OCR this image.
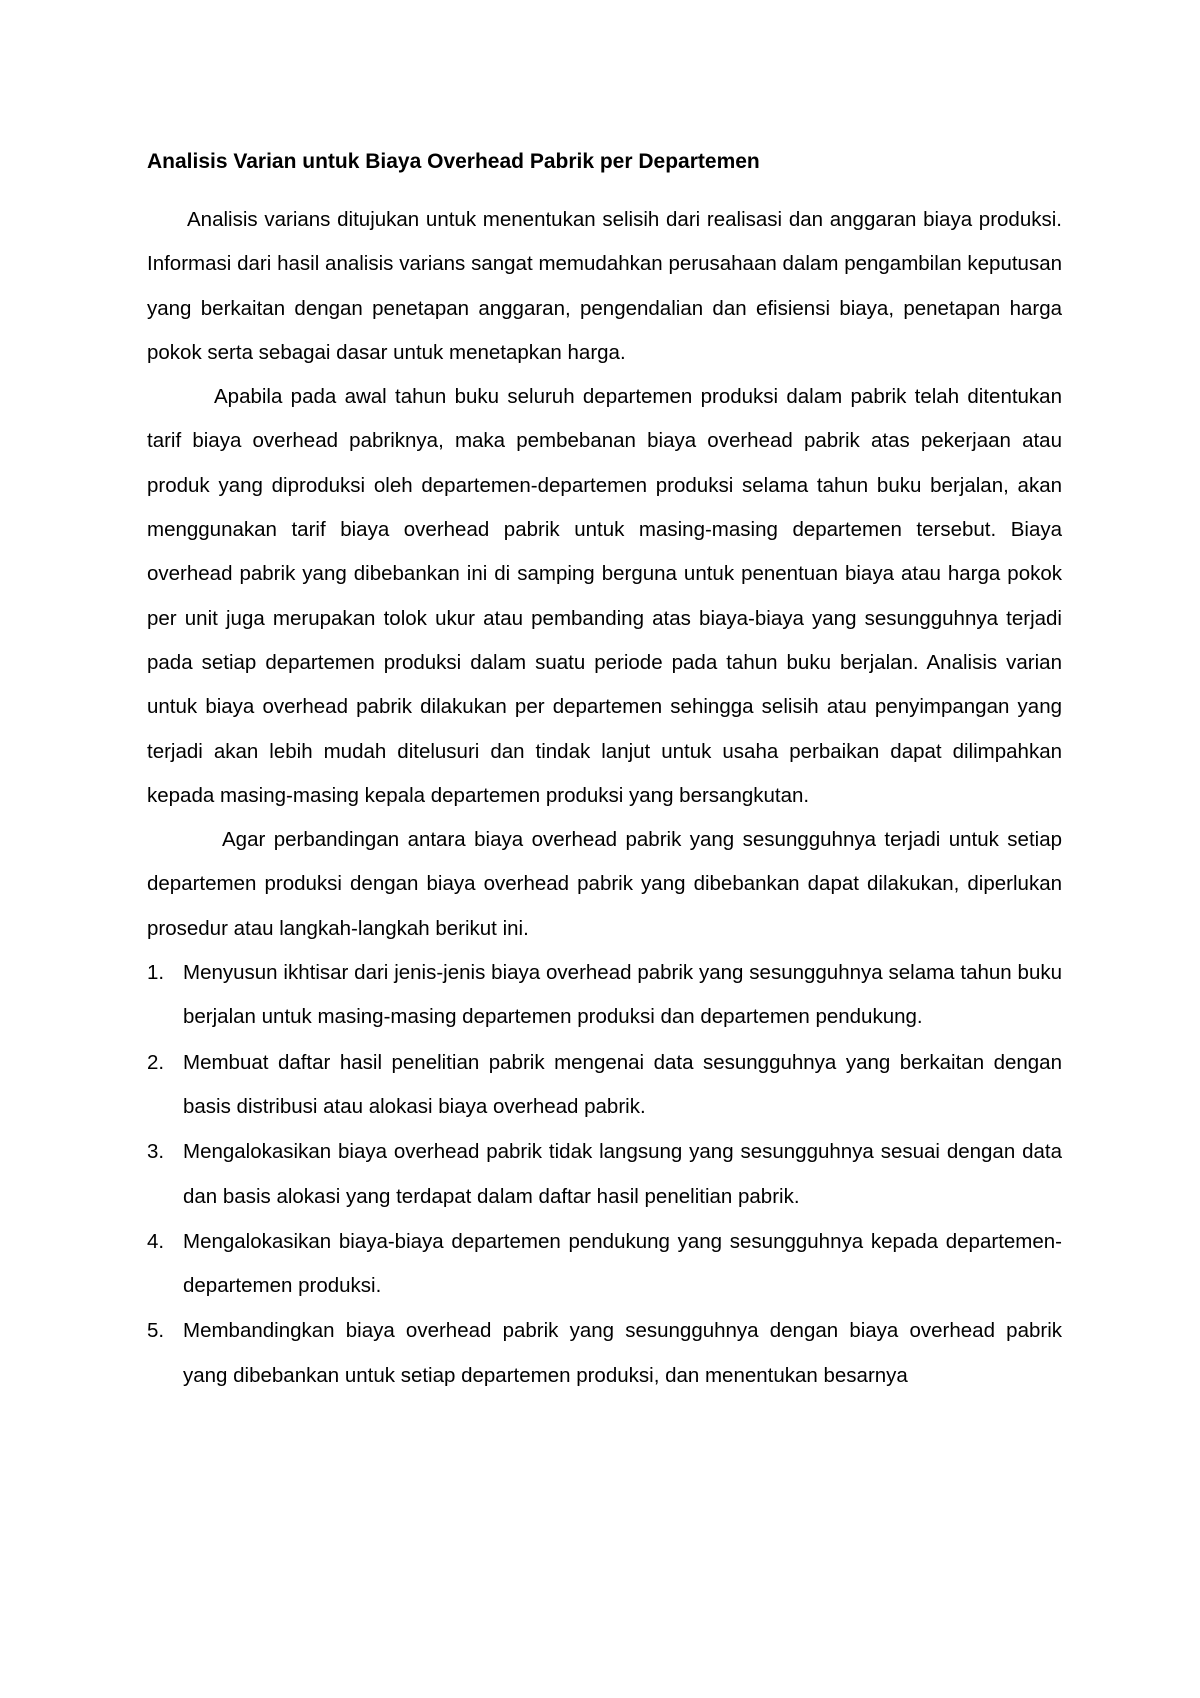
Analisis Varian untuk Biaya Overhead Pabrik per Departemen

Analisis varians ditujukan untuk menentukan selisih dari realisasi dan anggaran biaya produksi. Informasi dari hasil analisis varians sangat memudahkan perusahaan dalam pengambilan keputusan yang berkaitan dengan penetapan anggaran, pengendalian dan efisiensi biaya, penetapan harga pokok serta sebagai dasar untuk menetapkan harga.

Apabila pada awal tahun buku seluruh departemen produksi dalam pabrik telah ditentukan tarif biaya overhead pabriknya, maka pembebanan biaya overhead pabrik atas pekerjaan atau produk yang diproduksi oleh departemen-departemen produksi selama tahun buku berjalan, akan menggunakan tarif biaya overhead pabrik untuk masing-masing departemen tersebut. Biaya overhead pabrik yang dibebankan ini di samping berguna untuk penentuan biaya atau harga pokok per unit juga merupakan tolok ukur atau pembanding atas biaya-biaya yang sesungguhnya terjadi pada setiap departemen produksi dalam suatu periode pada tahun buku berjalan. Analisis varian untuk biaya overhead pabrik dilakukan per departemen sehingga selisih atau penyimpangan yang terjadi akan lebih mudah ditelusuri dan tindak lanjut untuk usaha perbaikan dapat dilimpahkan kepada masing-masing kepala departemen produksi yang bersangkutan.

Agar perbandingan antara biaya overhead pabrik yang sesungguhnya terjadi untuk setiap departemen produksi dengan biaya overhead pabrik yang dibebankan dapat dilakukan, diperlukan prosedur atau langkah-langkah berikut ini.

1. Menyusun ikhtisar dari jenis-jenis biaya overhead pabrik yang sesungguhnya selama tahun buku berjalan untuk masing-masing departemen produksi dan departemen pendukung.

2. Membuat daftar hasil penelitian pabrik mengenai data sesungguhnya yang berkaitan dengan basis distribusi atau alokasi biaya overhead pabrik.

3. Mengalokasikan biaya overhead pabrik tidak langsung yang sesungguhnya sesuai dengan data dan basis alokasi yang terdapat dalam daftar hasil penelitian pabrik.

4. Mengalokasikan biaya-biaya departemen pendukung yang sesungguhnya kepada departemen-departemen produksi.

5. Membandingkan biaya overhead pabrik yang sesungguhnya dengan biaya overhead pabrik yang dibebankan untuk setiap departemen produksi, dan menentukan besarnya
